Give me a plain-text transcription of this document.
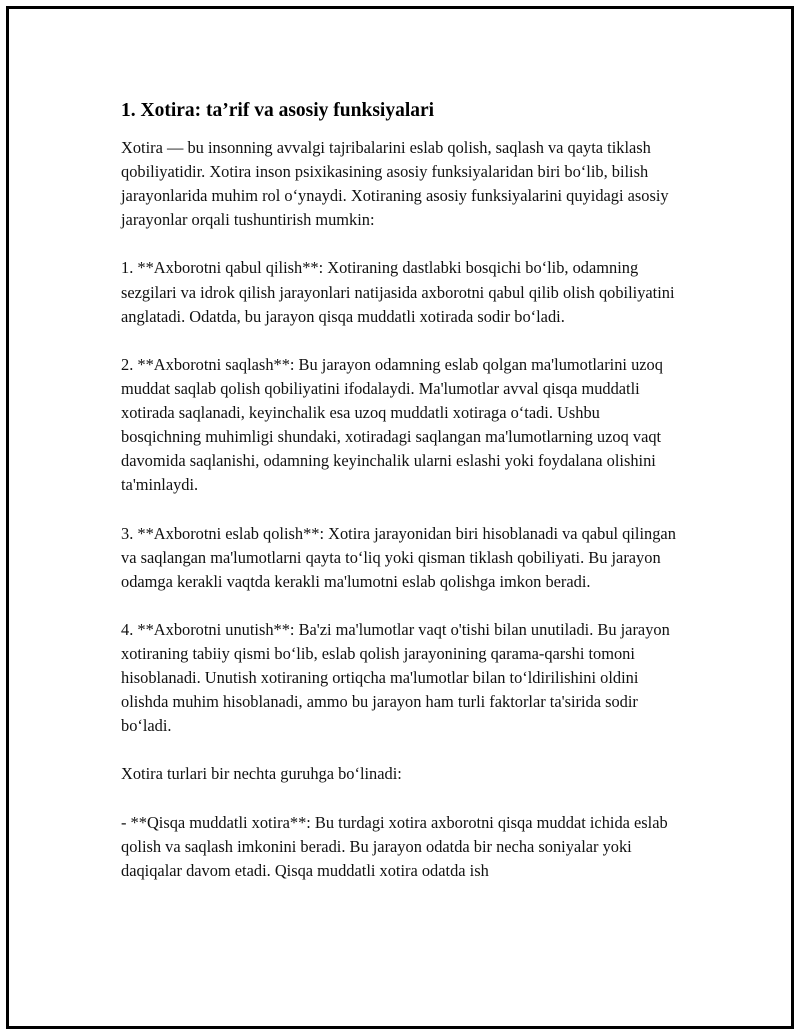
1. Xotira: ta’rif va asosiy funksiyalari

Xotira — bu insonning avvalgi tajribalarini eslab qolish, saqlash va qayta tiklash qobiliyatidir. Xotira inson psixikasining asosiy funksiyalaridan biri bo‘lib, bilish jarayonlarida muhim rol o‘ynaydi. Xotiraning asosiy funksiyalarini quyidagi asosiy jarayonlar orqali tushuntirish mumkin:

1. **Axborotni qabul qilish**: Xotiraning dastlabki bosqichi bo‘lib, odamning sezgilari va idrok qilish jarayonlari natijasida axborotni qabul qilib olish qobiliyatini anglatadi. Odatda, bu jarayon qisqa muddatli xotirada sodir bo‘ladi.

2. **Axborotni saqlash**: Bu jarayon odamning eslab qolgan ma'lumotlarini uzoq muddat saqlab qolish qobiliyatini ifodalaydi. Ma'lumotlar avval qisqa muddatli xotirada saqlanadi, keyinchalik esa uzoq muddatli xotiraga o‘tadi. Ushbu bosqichning muhimligi shundaki, xotiradagi saqlangan ma'lumotlarning uzoq vaqt davomida saqlanishi, odamning keyinchalik ularni eslashi yoki foydalana olishini ta'minlaydi.

3. **Axborotni eslab qolish**: Xotira jarayonidan biri hisoblanadi va qabul qilingan va saqlangan ma'lumotlarni qayta to‘liq yoki qisman tiklash qobiliyati. Bu jarayon odamga kerakli vaqtda kerakli ma'lumotni eslab qolishga imkon beradi.

4. **Axborotni unutish**: Ba'zi ma'lumotlar vaqt o'tishi bilan unutiladi. Bu jarayon xotiraning tabiiy qismi bo‘lib, eslab qolish jarayonining qarama-qarshi tomoni hisoblanadi. Unutish xotiraning ortiqcha ma'lumotlar bilan to‘ldirilishini oldini olishda muhim hisoblanadi, ammo bu jarayon ham turli faktorlar ta'sirida sodir bo‘ladi.

Xotira turlari bir nechta guruhga bo‘linadi:

- **Qisqa muddatli xotira**: Bu turdagi xotira axborotni qisqa muddat ichida eslab qolish va saqlash imkonini beradi. Bu jarayon odatda bir necha soniyalar yoki daqiqalar davom etadi. Qisqa muddatli xotira odatda ish
